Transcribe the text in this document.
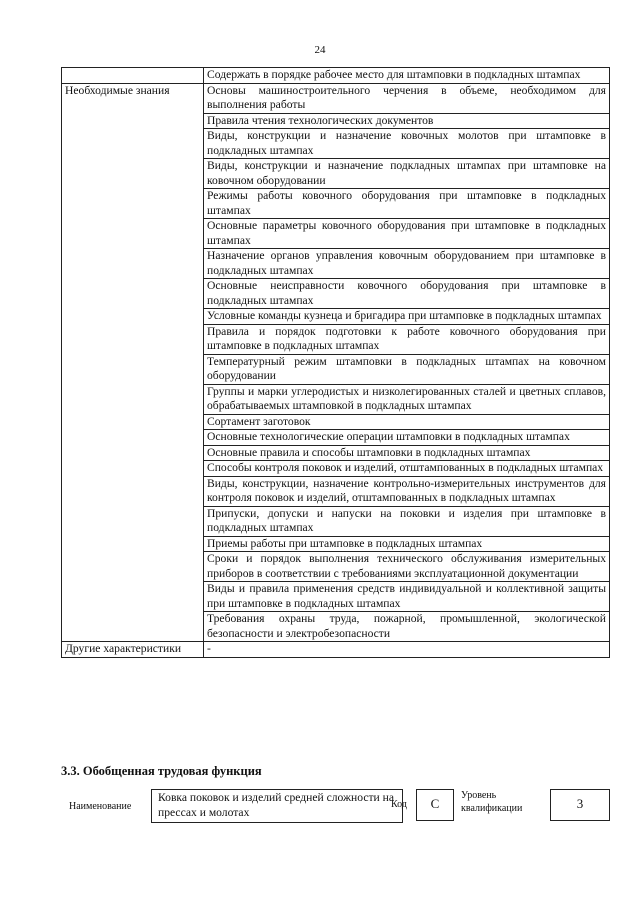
24
	Содержать в порядке рабочее место для штамповки в подкладных штампах
Необходимые знания	Основы машиностроительного черчения в объеме, необходимом для выполнения работы
	Правила чтения технологических документов
	Виды, конструкции и назначение ковочных молотов при штамповке в подкладных штампах
	Виды, конструкции и назначение подкладных штампах при штамповке на ковочном оборудовании
	Режимы работы ковочного оборудования при штамповке в подкладных штампах
	Основные параметры ковочного оборудования при штамповке в подкладных штампах
	Назначение органов управления ковочным оборудованием при штамповке в подкладных штампах
	Основные неисправности ковочного оборудования при штамповке в подкладных штампах
	Условные команды кузнеца и бригадира при штамповке в подкладных штампах
	Правила и порядок подготовки к работе ковочного оборудования при штамповке в подкладных штампах
	Температурный режим штамповки в подкладных штампах на ковочном оборудовании
	Группы и марки углеродистых и низколегированных сталей и цветных сплавов, обрабатываемых штамповкой в подкладных штампах
	Сортамент заготовок
	Основные технологические операции штамповки в подкладных штампах
	Основные правила и способы штамповки в подкладных штампах
	Способы контроля поковок и изделий, отштампованных в подкладных штампах
	Виды, конструкции, назначение контрольно-измерительных инструментов для контроля поковок и изделий, отштампованных в подкладных штампах
	Припуски, допуски и напуски на поковки и изделия при штамповке в подкладных штампах
	Приемы работы при штамповке в подкладных штампах
	Сроки и порядок выполнения технического обслуживания измерительных приборов в соответствии с требованиями эксплуатационной документации
	Виды и правила применения средств индивидуальной и коллективной защиты при штамповке в подкладных штампах
	Требования охраны труда, пожарной, промышленной, экологической безопасности и электробезопасности
Другие характеристики	-
3.3. Обобщенная трудовая функция
Наименование
Ковка поковок и изделий средней сложности на прессах и молотах
Код	С
Уровень
квалификации	3
